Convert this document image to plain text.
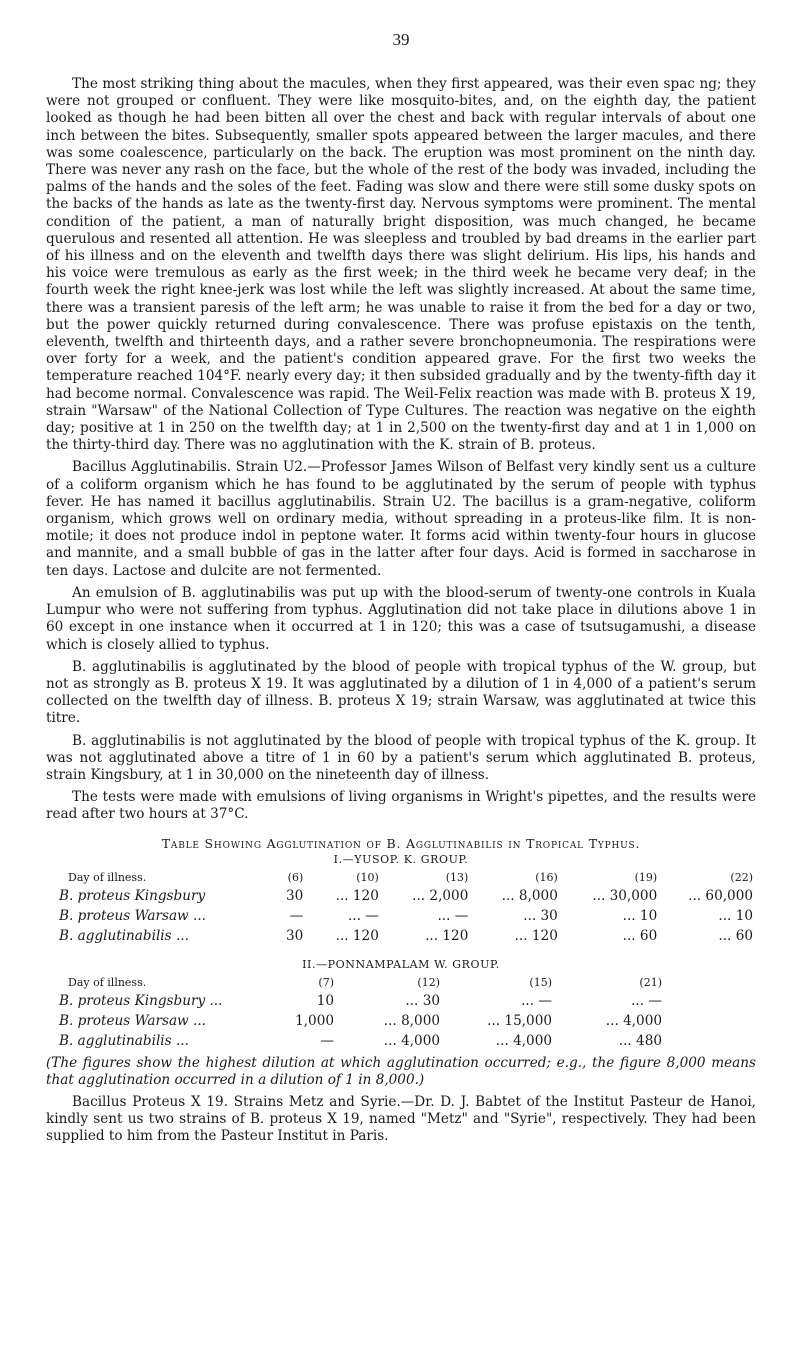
39

The most striking thing about the macules, when they first appeared, was their even spac ng; they were not grouped or confluent. They were like mosquito-bites, and, on the eighth day, the patient looked as though he had been bitten all over the chest and back with regular intervals of about one inch between the bites. Subsequently, smaller spots appeared between the larger macules, and there was some coalescence, particularly on the back. The eruption was most prominent on the ninth day. There was never any rash on the face, but the whole of the rest of the body was invaded, including the palms of the hands and the soles of the feet. Fading was slow and there were still some dusky spots on the backs of the hands as late as the twenty-first day. Nervous symptoms were prominent. The mental condition of the patient, a man of naturally bright disposition, was much changed, he became querulous and resented all attention. He was sleepless and troubled by bad dreams in the earlier part of his illness and on the eleventh and twelfth days there was slight delirium. His lips, his hands and his voice were tremulous as early as the first week; in the third week he became very deaf; in the fourth week the right knee-jerk was lost while the left was slightly increased. At about the same time, there was a transient paresis of the left arm; he was unable to raise it from the bed for a day or two, but the power quickly returned during convalescence. There was profuse epistaxis on the tenth, eleventh, twelfth and thirteenth days, and a rather severe bronchopneumonia. The respirations were over forty for a week, and the patient's condition appeared grave. For the first two weeks the temperature reached 104°F. nearly every day; it then subsided gradually and by the twenty-fifth day it had become normal. Convalescence was rapid. The Weil-Felix reaction was made with B. proteus X 19, strain "Warsaw" of the National Collection of Type Cultures. The reaction was negative on the eighth day; positive at 1 in 250 on the twelfth day; at 1 in 2,500 on the twenty-first day and at 1 in 1,000 on the thirty-third day. There was no agglutination with the K. strain of B. proteus.

Bacillus Agglutinabilis. Strain U2.—Professor James Wilson of Belfast very kindly sent us a culture of a coliform organism which he has found to be agglutinated by the serum of people with typhus fever. He has named it bacillus agglutinabilis. Strain U2. The bacillus is a gram-negative, coliform organism, which grows well on ordinary media, without spreading in a proteus-like film. It is non-motile; it does not produce indol in peptone water. It forms acid within twenty-four hours in glucose and mannite, and a small bubble of gas in the latter after four days. Acid is formed in saccharose in ten days. Lactose and dulcite are not fermented.

An emulsion of B. agglutinabilis was put up with the blood-serum of twenty-one controls in Kuala Lumpur who were not suffering from typhus. Agglutination did not take place in dilutions above 1 in 60 except in one instance when it occurred at 1 in 120; this was a case of tsutsugamushi, a disease which is closely allied to typhus.

B. agglutinabilis is agglutinated by the blood of people with tropical typhus of the W. group, but not as strongly as B. proteus X 19. It was agglutinated by a dilution of 1 in 4,000 of a patient's serum collected on the twelfth day of illness. B. proteus X 19; strain Warsaw, was agglutinated at twice this titre.

B. agglutinabilis is not agglutinated by the blood of people with tropical typhus of the K. group. It was not agglutinated above a titre of 1 in 60 by a patient's serum which agglutinated B. proteus, strain Kingsbury, at 1 in 30,000 on the nineteenth day of illness.

The tests were made with emulsions of living organisms in Wright's pipettes, and the results were read after two hours at 37°C.

Table Showing Agglutination of B. Agglutinabilis in Tropical Typhus.
I.—YUSOP. K. GROUP.
Day of illness.	(6)	(10)	(13)	(16)	(19)	(22)
B. proteus Kingsbury	30	... 120	... 2,000	... 8,000	... 30,000	... 60,000
B. proteus Warsaw ...	—	... —	... —	... 30	... 10	... 10
B. agglutinabilis ...	30	... 120	... 120	... 120	... 60	... 60
II.—PONNAMPALAM W. GROUP.
Day of illness.	(7)	(12)	(15)	(21)
B. proteus Kingsbury ...	10	... 30	... —	... —
B. proteus Warsaw ...	1,000	... 8,000	... 15,000	... 4,000
B. agglutinabilis ...	—	... 4,000	... 4,000	... 480

(The figures show the highest dilution at which agglutination occurred; e.g., the figure 8,000 means that agglutination occurred in a dilution of 1 in 8,000.)

Bacillus Proteus X 19. Strains Metz and Syrie.—Dr. D. J. Babtet of the Institut Pasteur de Hanoi, kindly sent us two strains of B. proteus X 19, named "Metz" and "Syrie", respectively. They had been supplied to him from the Pasteur Institut in Paris.
